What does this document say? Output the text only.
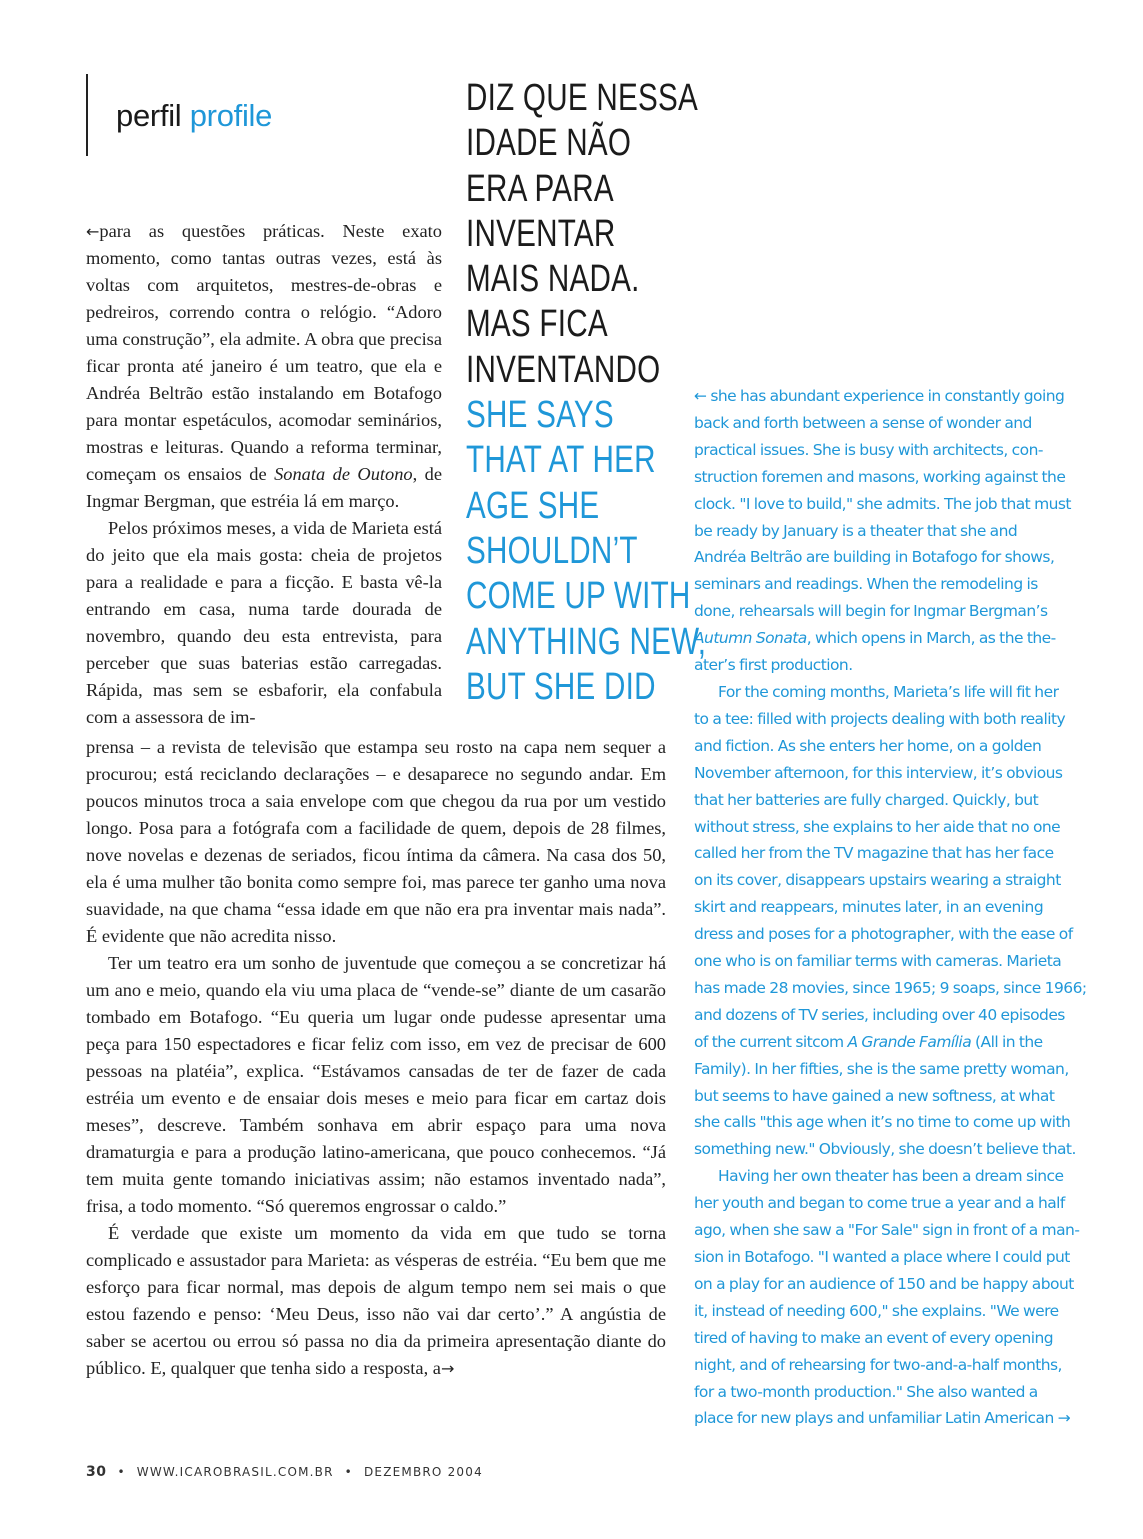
perfil profile	DIZ QUE NESSA
IDADE NÃO
ERA PARA
INVENTAR
MAIS NADA.
MAS FICA
INVENTANDO
SHE SAYS
THAT AT HER
AGE SHE
SHOULDN’T
COME UP WITH
ANYTHING NEW,
BUT SHE DID

←para as questões práticas. Neste exato momento, como tantas outras vezes, está às voltas com arquitetos, mestres-de-obras e pedreiros, correndo contra o relógio. “Adoro uma construção”, ela admite. A obra que precisa ficar pronta até janeiro é um teatro, que ela e Andréa Beltrão estão instalando em Botafogo para montar espetáculos, acomodar seminários, mostras e leituras. Quando a reforma terminar, começam os ensaios de Sonata de Outono, de Ingmar Bergman, que estréia lá em março.

Pelos próximos meses, a vida de Marieta está do jeito que ela mais gosta: cheia de projetos para a realidade e para a ficção. E basta vê-la entrando em casa, numa tarde dourada de novembro, quando deu esta entrevista, para perceber que suas baterias estão carregadas. Rápida, mas sem se esbaforir, ela confabula com a assessora de im-

prensa – a revista de televisão que estampa seu rosto na capa nem sequer a procurou; está reciclando declarações – e desaparece no segundo andar. Em poucos minutos troca a saia envelope com que chegou da rua por um vestido longo. Posa para a fotógrafa com a facilidade de quem, depois de 28 filmes, nove novelas e dezenas de seriados, ficou íntima da câmera. Na casa dos 50, ela é uma mulher tão bonita como sempre foi, mas parece ter ganho uma nova suavidade, na que chama “essa idade em que não era pra inventar mais nada”. É evidente que não acredita nisso.

Ter um teatro era um sonho de juventude que começou a se concretizar há um ano e meio, quando ela viu uma placa de “vende-se” diante de um casarão tombado em Botafogo. “Eu queria um lugar onde pudesse apresentar uma peça para 150 espectadores e ficar feliz com isso, em vez de precisar de 600 pessoas na platéia”, explica. “Estávamos cansadas de ter de fazer de cada estréia um evento e de ensaiar dois meses e meio para ficar em cartaz dois meses”, descreve. Também sonhava em abrir espaço para uma nova dramaturgia e para a produção latino-americana, que pouco conhecemos. “Já tem muita gente tomando iniciativas assim; não estamos inventado nada”, frisa, a todo momento. “Só queremos engrossar o caldo.”

É verdade que existe um momento da vida em que tudo se torna complicado e assustador para Marieta: as vésperas de estréia. “Eu bem que me esforço para ficar normal, mas depois de algum tempo nem sei mais o que estou fazendo e penso: ‘Meu Deus, isso não vai dar certo’.” A angústia de saber se acertou ou errou só passa no dia da primeira apresentação diante do público. E, qualquer que tenha sido a resposta, a→

← she has abundant experience in constantly going
back and forth between a sense of wonder and
practical issues. She is busy with architects, con-
struction foremen and masons, working against the
clock. "I love to build," she admits. The job that must
be ready by January is a theater that she and
Andréa Beltrão are building in Botafogo for shows,
seminars and readings. When the remodeling is
done, rehearsals will begin for Ingmar Bergman’s
Autumn Sonata, which opens in March, as the the-
ater’s first production.
For the coming months, Marieta’s life will fit her
to a tee: filled with projects dealing with both reality
and fiction. As she enters her home, on a golden
November afternoon, for this interview, it’s obvious
that her batteries are fully charged. Quickly, but
without stress, she explains to her aide that no one
called her from the TV magazine that has her face
on its cover, disappears upstairs wearing a straight
skirt and reappears, minutes later, in an evening
dress and poses for a photographer, with the ease of
one who is on familiar terms with cameras. Marieta
has made 28 movies, since 1965; 9 soaps, since 1966;
and dozens of TV series, including over 40 episodes
of the current sitcom A Grande Família (All in the
Family). In her fifties, she is the same pretty woman,
but seems to have gained a new softness, at what
she calls "this age when it’s no time to come up with
something new." Obviously, she doesn’t believe that.
Having her own theater has been a dream since
her youth and began to come true a year and a half
ago, when she saw a "For Sale" sign in front of a man-
sion in Botafogo. "I wanted a place where I could put
on a play for an audience of 150 and be happy about
it, instead of needing 600," she explains. "We were
tired of having to make an event of every opening
night, and of rehearsing for two-and-a-half months,
for a two-month production." She also wanted a
place for new plays and unfamiliar Latin American →
30 • WWW.ICAROBRASIL.COM.BR • DEZEMBRO 2004
